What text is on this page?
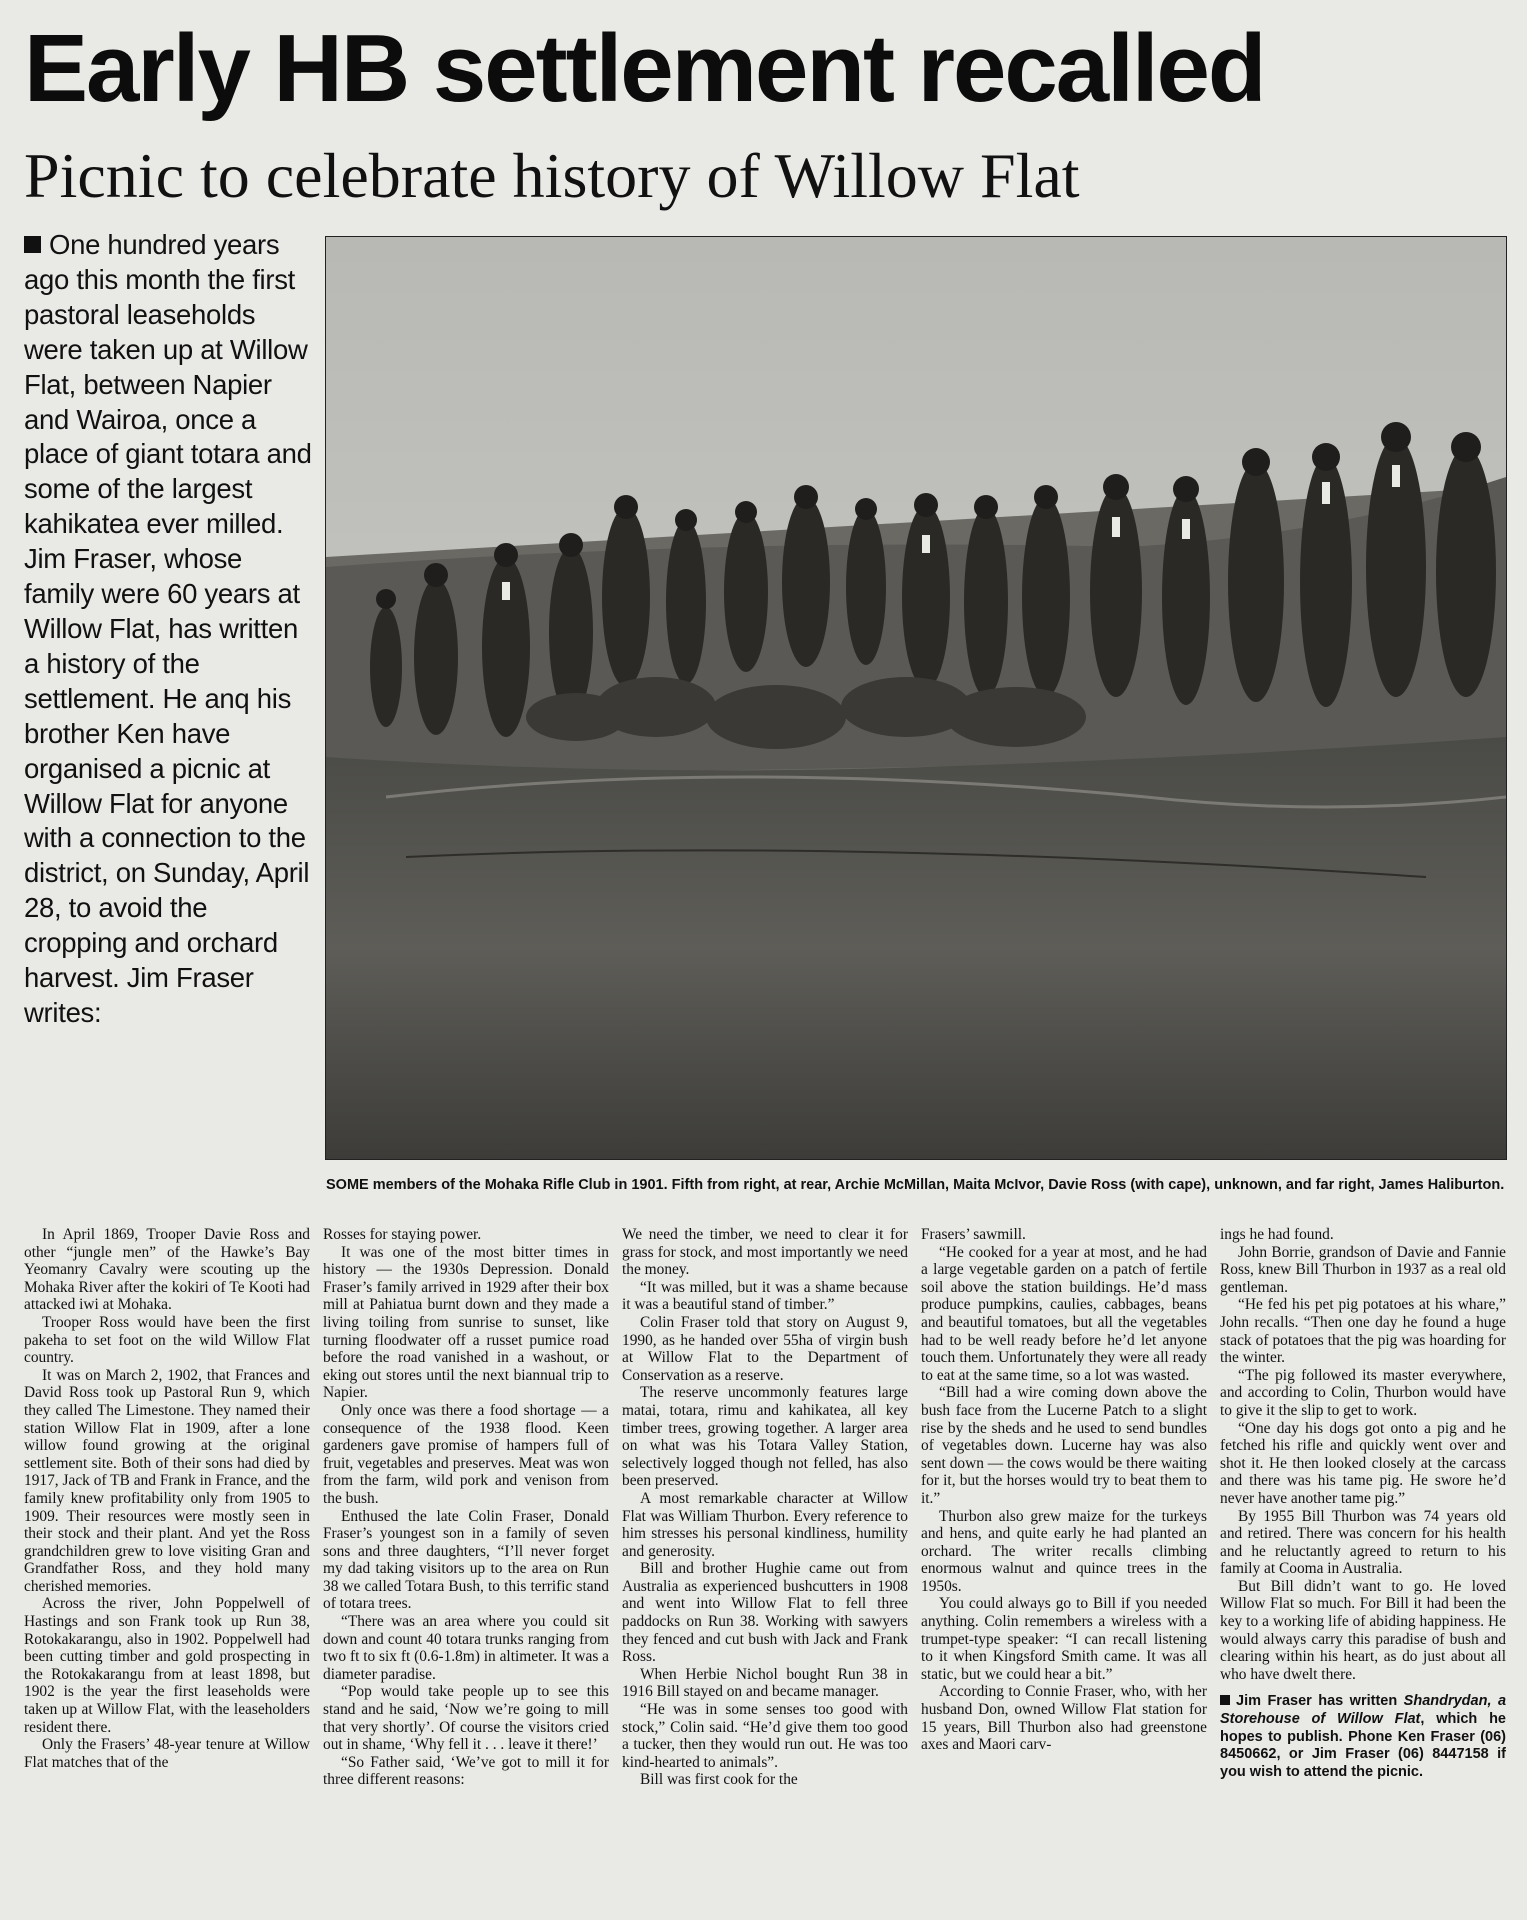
Early HB settlement recalled
Picnic to celebrate history of Willow Flat
One hundred years ago this month the first pastoral leaseholds were taken up at Willow Flat, between Napier and Wairoa, once a place of giant totara and some of the largest kahikatea ever milled. Jim Fraser, whose family were 60 years at Willow Flat, has written a history of the settlement. He anq his brother Ken have organised a picnic at Willow Flat for anyone with a connection to the district, on Sunday, April 28, to avoid the cropping and orchard harvest. Jim Fraser writes:
SOME members of the Mohaka Rifle Club in 1901. Fifth from right, at rear, Archie McMillan, Maita McIvor, Davie Ross (with cape), unknown, and far right, James Haliburton.

In April 1869, Trooper Davie Ross and other “jungle men” of the Hawke’s Bay Yeomanry Cavalry were scouting up the Mohaka River after the kokiri of Te Kooti had attacked iwi at Mohaka.

Trooper Ross would have been the first pakeha to set foot on the wild Willow Flat country.

It was on March 2, 1902, that Frances and David Ross took up Pastoral Run 9, which they called The Limestone. They named their station Willow Flat in 1909, after a lone willow found growing at the original settlement site. Both of their sons had died by 1917, Jack of TB and Frank in France, and the family knew profitability only from 1905 to 1909. Their resources were mostly seen in their stock and their plant. And yet the Ross grandchildren grew to love visiting Gran and Grandfather Ross, and they hold many cherished memories.

Across the river, John Poppelwell of Hastings and son Frank took up Run 38, Rotokakarangu, also in 1902. Poppelwell had been cutting timber and gold prospecting in the Rotokakarangu from at least 1898, but 1902 is the year the first leaseholds were taken up at Willow Flat, with the leaseholders resident there.

Only the Frasers’ 48-year tenure at Willow Flat matches that of the

Rosses for staying power.

It was one of the most bitter times in history — the 1930s Depression. Donald Fraser’s family arrived in 1929 after their box mill at Pahiatua burnt down and they made a living toiling from sunrise to sunset, like turning floodwater off a russet pumice road before the road vanished in a washout, or eking out stores until the next biannual trip to Napier.

Only once was there a food shortage — a consequence of the 1938 flood. Keen gardeners gave promise of hampers full of fruit, vegetables and preserves. Meat was won from the farm, wild pork and venison from the bush.

Enthused the late Colin Fraser, Donald Fraser’s youngest son in a family of seven sons and three daughters, “I’ll never forget my dad taking visitors up to the area on Run 38 we called Totara Bush, to this terrific stand of totara trees.

“There was an area where you could sit down and count 40 totara trunks ranging from two ft to six ft (0.6-1.8m) in altimeter. It was a diameter paradise.

“Pop would take people up to see this stand and he said, ‘Now we’re going to mill that very shortly’. Of course the visitors cried out in shame, ‘Why fell it . . . leave it there!’

“So Father said, ‘We’ve got to mill it for three different reasons:

We need the timber, we need to clear it for grass for stock, and most importantly we need the money.

“It was milled, but it was a shame because it was a beautiful stand of timber.”

Colin Fraser told that story on August 9, 1990, as he handed over 55ha of virgin bush at Willow Flat to the Department of Conservation as a reserve.

The reserve uncommonly features large matai, totara, rimu and kahikatea, all key timber trees, growing together. A larger area on what was his Totara Valley Station, selectively logged though not felled, has also been preserved.

A most remarkable character at Willow Flat was William Thurbon. Every reference to him stresses his personal kindliness, humility and generosity.

Bill and brother Hughie came out from Australia as experienced bushcutters in 1908 and went into Willow Flat to fell three paddocks on Run 38. Working with sawyers they fenced and cut bush with Jack and Frank Ross.

When Herbie Nichol bought Run 38 in 1916 Bill stayed on and became manager.

“He was in some senses too good with stock,” Colin said. “He’d give them too good a tucker, then they would run out. He was too kind-hearted to animals”.

Bill was first cook for the

Frasers’ sawmill.

“He cooked for a year at most, and he had a large vegetable garden on a patch of fertile soil above the station buildings. He’d mass produce pumpkins, caulies, cabbages, beans and beautiful tomatoes, but all the vegetables had to be well ready before he’d let anyone touch them. Unfortunately they were all ready to eat at the same time, so a lot was wasted.

“Bill had a wire coming down above the bush face from the Lucerne Patch to a slight rise by the sheds and he used to send bundles of vegetables down. Lucerne hay was also sent down — the cows would be there waiting for it, but the horses would try to beat them to it.”

Thurbon also grew maize for the turkeys and hens, and quite early he had planted an orchard. The writer recalls climbing enormous walnut and quince trees in the 1950s.

You could always go to Bill if you needed anything. Colin remembers a wireless with a trumpet-type speaker: “I can recall listening to it when Kingsford Smith came. It was all static, but we could hear a bit.”

According to Connie Fraser, who, with her husband Don, owned Willow Flat station for 15 years, Bill Thurbon also had greenstone axes and Maori carv-

ings he had found.

John Borrie, grandson of Davie and Fannie Ross, knew Bill Thurbon in 1937 as a real old gentleman.

“He fed his pet pig potatoes at his whare,” John recalls. “Then one day he found a huge stack of potatoes that the pig was hoarding for the winter.

“The pig followed its master everywhere, and according to Colin, Thurbon would have to give it the slip to get to work.

“One day his dogs got onto a pig and he fetched his rifle and quickly went over and shot it. He then looked closely at the carcass and there was his tame pig. He swore he’d never have another tame pig.”

By 1955 Bill Thurbon was 74 years old and retired. There was concern for his health and he reluctantly agreed to return to his family at Cooma in Australia.

But Bill didn’t want to go. He loved Willow Flat so much. For Bill it had been the key to a working life of abiding happiness. He would always carry this paradise of bush and clearing within his heart, as do just about all who have dwelt there.

Jim Fraser has written Shandrydan, a Storehouse of Willow Flat, which he hopes to publish. Phone Ken Fraser (06) 8450662, or Jim Fraser (06) 8447158 if you wish to attend the picnic.
